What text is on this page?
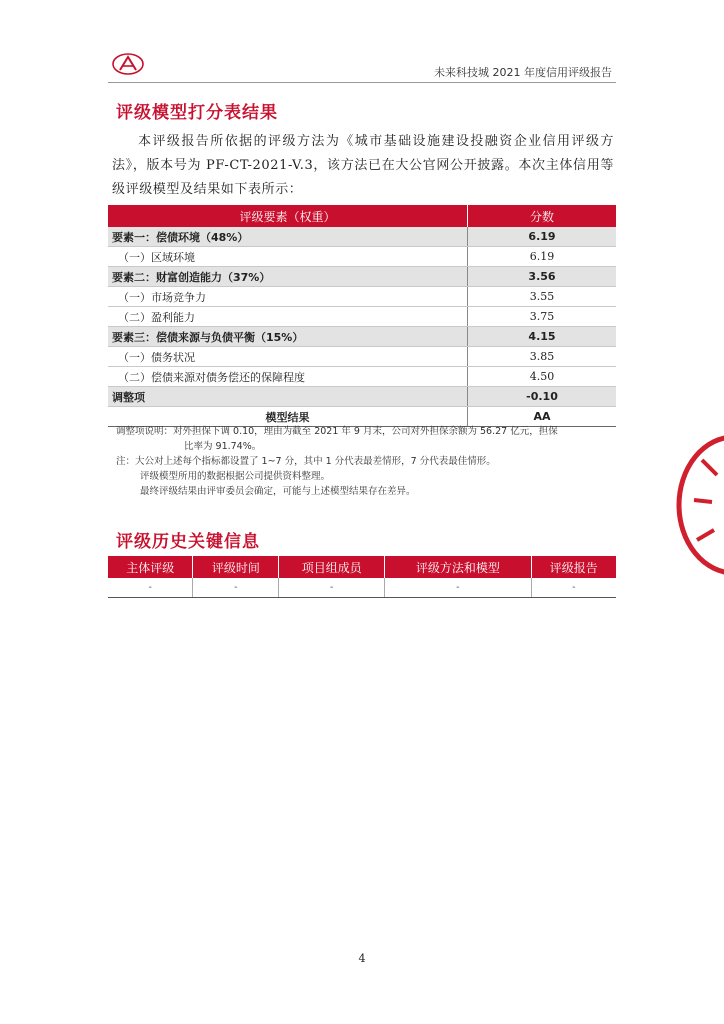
未来科技城 2021 年度信用评级报告
评级模型打分表结果
本评级报告所依据的评级方法为《城市基础设施建设投融资企业信用评级方法》，版本号为 PF-CT-2021-V.3，该方法已在大公官网公开披露。本次主体信用等级评级模型及结果如下表所示：
评级要素（权重）	分数
要素一：偿债环境（48%）	6.19
（一）区域环境	6.19
要素二：财富创造能力（37%）	3.56
（一）市场竞争力	3.55
（二）盈利能力	3.75
要素三：偿债来源与负债平衡（15%）	4.15
（一）债务状况	3.85
（二）偿债来源对债务偿还的保障程度	4.50
调整项	-0.10
模型结果	AA
调整项说明：对外担保下调 0.10，理由为截至 2021 年 9 月末，公司对外担保余额为 56.27 亿元，担保
比率为 91.74%。
注：大公对上述每个指标都设置了 1~7 分，其中 1 分代表最差情形，7 分代表最佳情形。
评级模型所用的数据根据公司提供资料整理。
最终评级结果由评审委员会确定，可能与上述模型结果存在差异。
评级历史关键信息
主体评级	评级时间	项目组成员	评级方法和模型	评级报告
-	-	-	-	-
4
